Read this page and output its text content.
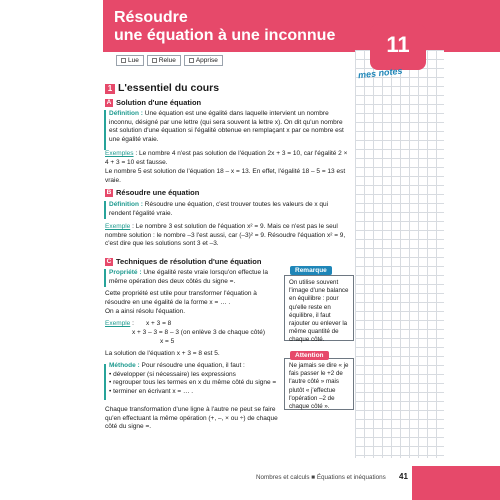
Résoudre
une équation à une inconnue	11
mes notes
Lue	Relue	Apprise
1 L'essentiel du cours
A Solution d'une équation
Définition : Une équation est une égalité dans laquelle intervient un nombre inconnu, désigné par une lettre (qui sera souvent la lettre x). On dit qu'un nombre est solution d'une équation si l'égalité obtenue en remplaçant x par ce nombre est une égalité vraie.
Exemples : Le nombre 4 n'est pas solution de l'équation 2x + 3 = 10, car l'égalité 2 × 4 + 3 = 10 est fausse.
Le nombre 5 est solution de l'équation 18 – x = 13. En effet, l'égalité 18 – 5 = 13 est vraie.
B Résoudre une équation
Définition : Résoudre une équation, c'est trouver toutes les valeurs de x qui rendent l'égalité vraie.
Exemple : Le nombre 3 est solution de l'équation x² = 9. Mais ce n'est pas le seul nombre solution : le nombre –3 l'est aussi, car (–3)² = 9. Résoudre l'équation x² = 9, c'est dire que les solutions sont 3 et –3.
C Techniques de résolution d'une équation
Propriété : Une égalité reste vraie lorsqu'on effectue la même opération des deux côtés du signe =.
Cette propriété est utile pour transformer l'équation à résoudre en une égalité de la forme x = … .
On a ainsi résolu l'équation.
Exemple : x + 3 = 8
x + 3 – 3 = 8 – 3 (on enlève 3 de chaque côté)
x = 5
La solution de l'équation x + 3 = 8 est 5.
Méthode : Pour résoudre une équation, il faut :
• développer (si nécessaire) les expressions
• regrouper tous les termes en x du même côté du signe =
• terminer en écrivant x = … .
Chaque transformation d'une ligne à l'autre ne peut se faire qu'en effectuant la même opération (+, –, × ou ÷) de chaque côté du signe =.
On utilise souvent l'image d'une balance en équilibre : pour qu'elle reste en équilibre, il faut rajouter ou enlever la même quantité de chaque côté.
Remarque
Ne jamais se dire « je fais passer le +2 de l'autre côté » mais plutôt « j'effectue l'opération –2 de chaque côté ».
Attention
Nombres et calculs ■ Équations et inéquations 41
